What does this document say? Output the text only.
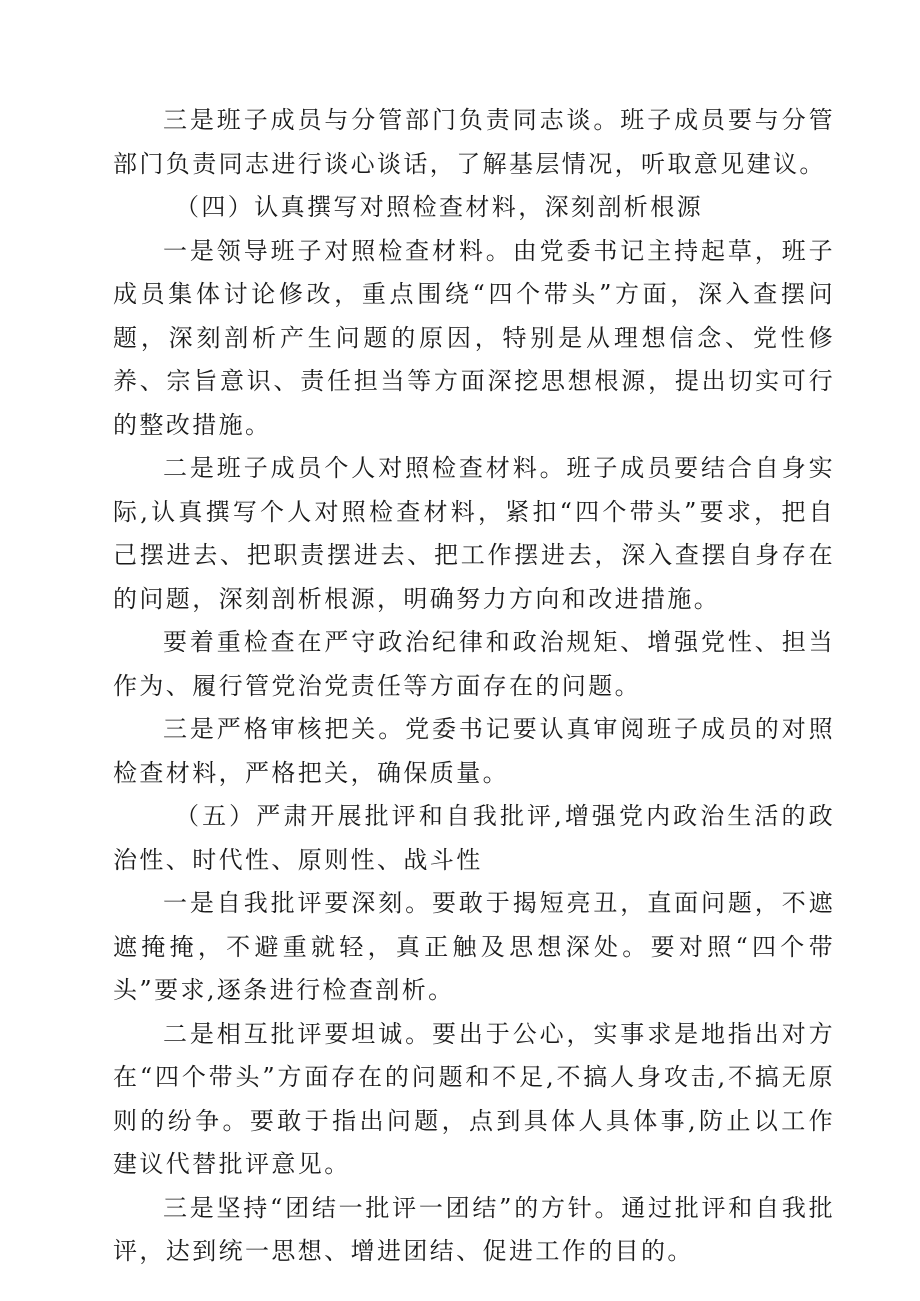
三是班子成员与分管部门负责同志谈。班子成员要与分管部门负责同志进行谈心谈话，了解基层情况，听取意见建议。

（四）认真撰写对照检查材料，深刻剖析根源

一是领导班子对照检查材料。由党委书记主持起草，班子成员集体讨论修改，重点围绕“四个带头”方面，深入查摆问题，深刻剖析产生问题的原因，特别是从理想信念、党性修养、宗旨意识、责任担当等方面深挖思想根源，提出切实可行的整改措施。

二是班子成员个人对照检查材料。班子成员要结合自身实际,认真撰写个人对照检查材料，紧扣“四个带头”要求，把自己摆进去、把职责摆进去、把工作摆进去，深入查摆自身存在的问题，深刻剖析根源，明确努力方向和改进措施。

要着重检查在严守政治纪律和政治规矩、增强党性、担当作为、履行管党治党责任等方面存在的问题。

三是严格审核把关。党委书记要认真审阅班子成员的对照检查材料，严格把关，确保质量。

（五）严肃开展批评和自我批评,增强党内政治生活的政治性、时代性、原则性、战斗性

一是自我批评要深刻。要敢于揭短亮丑，直面问题，不遮遮掩掩，不避重就轻，真正触及思想深处。要对照“四个带头”要求,逐条进行检查剖析。

二是相互批评要坦诚。要出于公心，实事求是地指出对方在“四个带头”方面存在的问题和不足,不搞人身攻击,不搞无原则的纷争。要敢于指出问题，点到具体人具体事,防止以工作建议代替批评意见。

三是坚持“团结一批评一团结”的方针。通过批评和自我批评，达到统一思想、增进团结、促进工作的目的。
